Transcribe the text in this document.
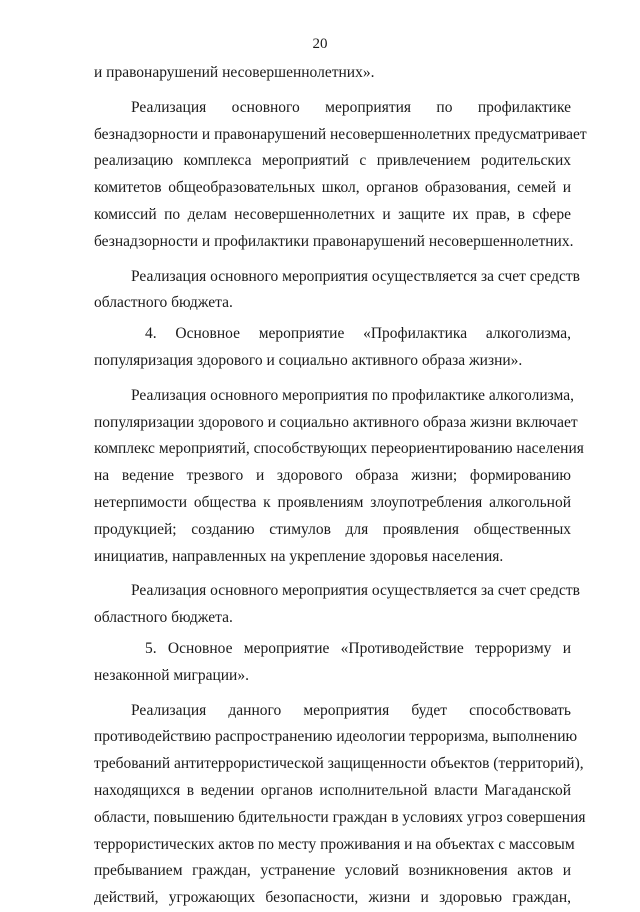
20
и правонарушений несовершеннолетних».
Реализация основного мероприятия по профилактике
безнадзорности и правонарушений несовершеннолетних предусматривает
реализацию комплекса мероприятий с привлечением родительских
комитетов общеобразовательных школ, органов образования, семей и
комиссий по делам несовершеннолетних и защите их прав, в сфере
безнадзорности и профилактики правонарушений несовершеннолетних.
Реализация основного мероприятия осуществляется за счет средств
областного бюджета.
4. Основное мероприятие «Профилактика алкоголизма,
популяризация здорового и социально активного образа жизни».
Реализация основного мероприятия по профилактике алкоголизма,
популяризации здорового и социально активного образа жизни включает
комплекс мероприятий, способствующих переориентированию населения
на ведение трезвого и здорового образа жизни; формированию
нетерпимости общества к проявлениям злоупотребления алкогольной
продукцией; созданию стимулов для проявления общественных
инициатив, направленных на укрепление здоровья населения.
Реализация основного мероприятия осуществляется за счет средств
областного бюджета.
5. Основное мероприятие «Противодействие терроризму и
незаконной миграции».
Реализация данного мероприятия будет способствовать
противодействию распространению идеологии терроризма, выполнению
требований антитеррористической защищенности объектов (территорий),
находящихся в ведении органов исполнительной власти Магаданской
области, повышению бдительности граждан в условиях угроз совершения
террористических актов по месту проживания и на объектах с массовым
пребыванием граждан, устранение условий возникновения актов и
действий, угрожающих безопасности, жизни и здоровью граждан,
